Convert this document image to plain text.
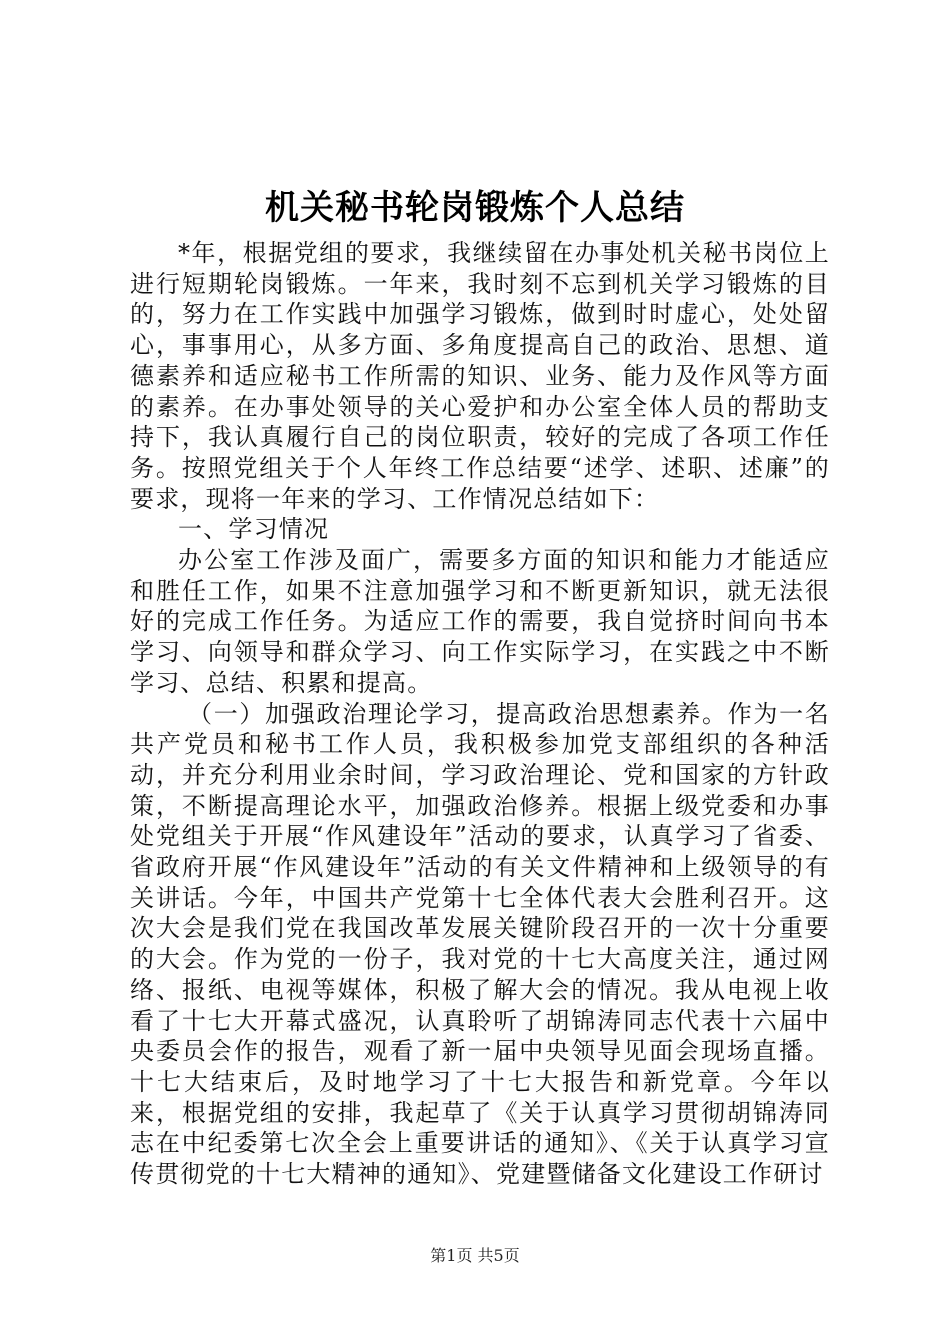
机关秘书轮岗锻炼个人总结

*年，根据党组的要求，我继续留在办事处机关秘书岗位上进行短期轮岗锻炼。一年来，我时刻不忘到机关学习锻炼的目的，努力在工作实践中加强学习锻炼，做到时时虚心，处处留心，事事用心，从多方面、多角度提高自己的政治、思想、道德素养和适应秘书工作所需的知识、业务、能力及作风等方面的素养。在办事处领导的关心爱护和办公室全体人员的帮助支持下，我认真履行自己的岗位职责，较好的完成了各项工作任务。按照党组关于个人年终工作总结要“述学、述职、述廉”的要求，现将一年来的学习、工作情况总结如下：

一、学习情况

办公室工作涉及面广，需要多方面的知识和能力才能适应和胜任工作，如果不注意加强学习和不断更新知识，就无法很好的完成工作任务。为适应工作的需要，我自觉挤时间向书本学习、向领导和群众学习、向工作实际学习，在实践之中不断学习、总结、积累和提高。

（一）加强政治理论学习，提高政治思想素养。作为一名共产党员和秘书工作人员，我积极参加党支部组织的各种活动，并充分利用业余时间，学习政治理论、党和国家的方针政策，不断提高理论水平，加强政治修养。根据上级党委和办事处党组关于开展“作风建设年”活动的要求，认真学习了省委、省政府开展“作风建设年”活动的有关文件精神和上级领导的有关讲话。今年，中国共产党第十七全体代表大会胜利召开。这次大会是我们党在我国改革发展关键阶段召开的一次十分重要的大会。作为党的一份子，我对党的十七大高度关注，通过网络、报纸、电视等媒体，积极了解大会的情况。我从电视上收看了十七大开幕式盛况，认真聆听了胡锦涛同志代表十六届中央委员会作的报告，观看了新一届中央领导见面会现场直播。十七大结束后，及时地学习了十七大报告和新党章。今年以来，根据党组的安排，我起草了《关于认真学习贯彻胡锦涛同志在中纪委第七次全会上重要讲话的通知》、《关于认真学习宣传贯彻党的十七大精神的通知》、党建暨储备文化建设工作研讨

第1页 共5页
